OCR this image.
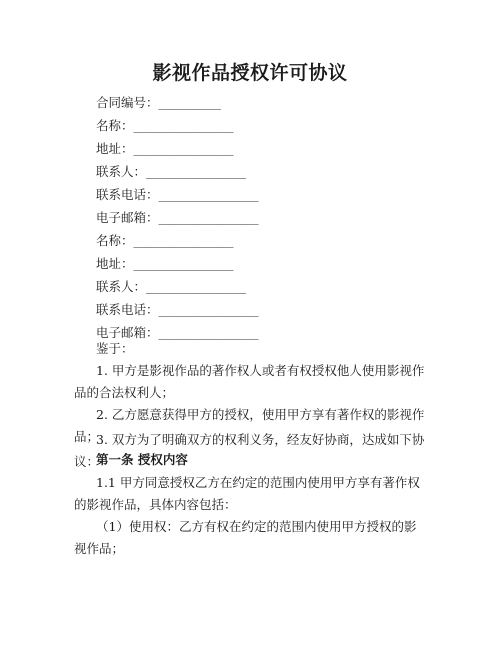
影视作品授权许可协议
合同编号：__________
名称：________________
地址：________________
联系人：________________
联系电话：________________
电子邮箱：________________
名称：________________
地址：________________
联系人：________________
联系电话：________________
电子邮箱：________________
鉴于：

1. 甲方是影视作品的著作权人或者有权授权他人使用影视作品的合法权利人；

2. 乙方愿意获得甲方的授权，使用甲方享有著作权的影视作品；

3. 双方为了明确双方的权利义务，经友好协商，达成如下协议：

第一条 授权内容

1.1 甲方同意授权乙方在约定的范围内使用甲方享有著作权的影视作品，具体内容包括：

（1）使用权：乙方有权在约定的范围内使用甲方授权的影视作品；
